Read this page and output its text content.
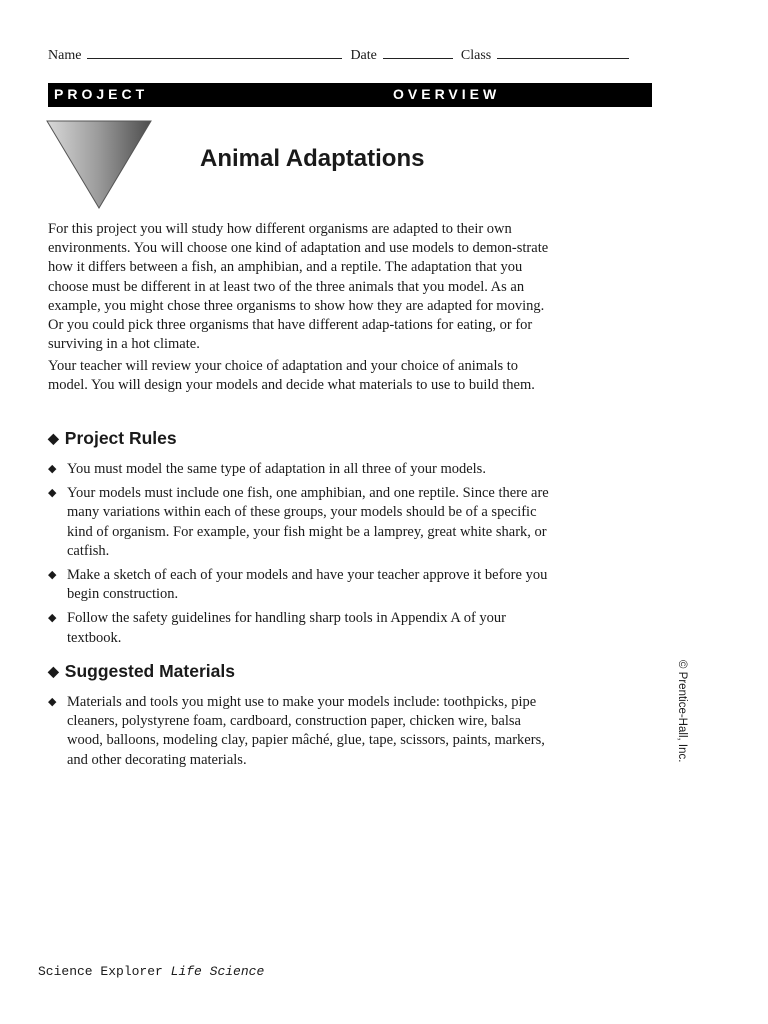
Name	Date	Class
PROJECT	OVERVIEW
Animal Adaptations
For this project you will study how different organisms are adapted to their own environments. You will choose one kind of adaptation and use models to demon-strate how it differs between a fish, an amphibian, and a reptile. The adaptation that you choose must be different in at least two of the three animals that you model. As an example, you might chose three organisms to show how they are adapted for moving. Or you could pick three organisms that have different adap-tations for eating, or for surviving in a hot climate.
Your teacher will review your choice of adaptation and your choice of animals to model. You will design your models and decide what materials to use to build them.
◆ Project Rules
◆ You must model the same type of adaptation in all three of your models.
◆ Your models must include one fish, one amphibian, and one reptile. Since there are many variations within each of these groups, your models should be of a specific kind of organism. For example, your fish might be a lamprey, great white shark, or catfish.
◆ Make a sketch of each of your models and have your teacher approve it before you begin construction.
◆ Follow the safety guidelines for handling sharp tools in Appendix A of your textbook.
◆ Suggested Materials
◆ Materials and tools you might use to make your models include: toothpicks, pipe cleaners, polystyrene foam, cardboard, construction paper, chicken wire, balsa wood, balloons, modeling clay, papier mâché, glue, tape, scissors, paints, markers, and other decorating materials.	© Prentice-Hall, Inc.
Science Explorer Life Science
